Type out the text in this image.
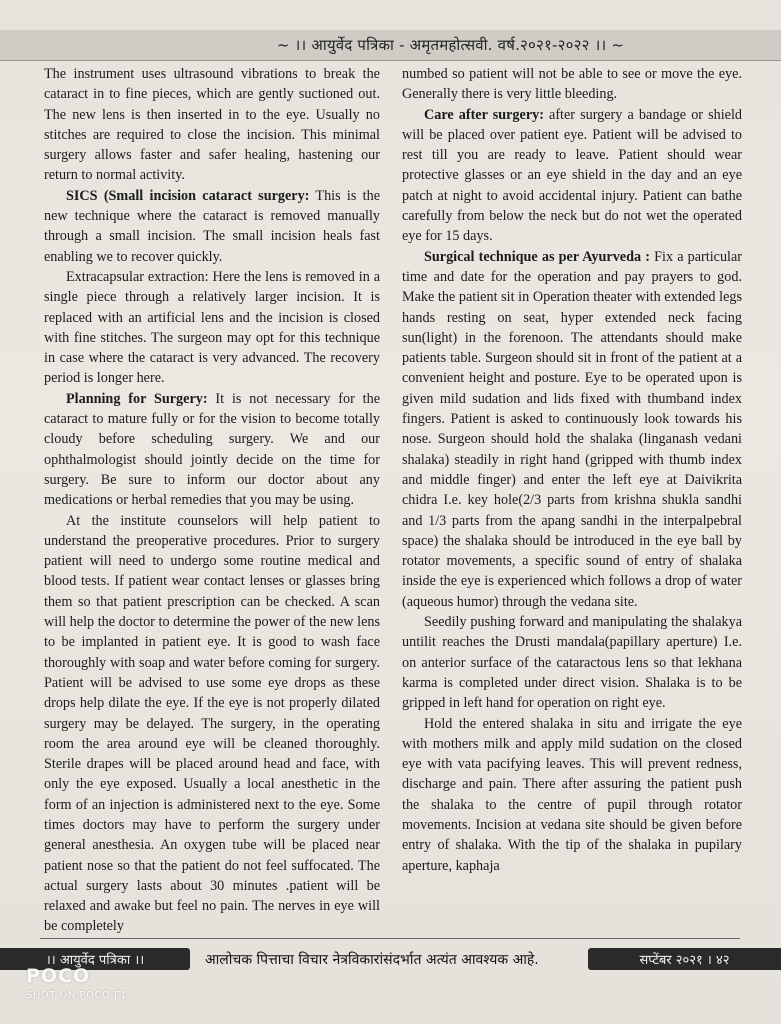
~ ।। आयुर्वेद पत्रिका - अमृतमहोत्सवी. वर्ष.२०२१-२०२२ ।। ~

The instrument uses ultrasound vibrations to break the cataract in to fine pieces, which are gently suctioned out. The new lens is then inserted in to the eye. Usually no stitches are required to close the incision. This minimal surgery allows faster and safer healing, hastening our return to normal activity.

SICS (Small incision cataract surgery: This is the new technique where the cataract is removed manually through a small incision. The small incision heals fast enabling we to recover quickly.

Extracapsular extraction: Here the lens is removed in a single piece through a relatively larger incision. It is replaced with an artificial lens and the incision is closed with fine stitches. The surgeon may opt for this technique in case where the cataract is very advanced. The recovery period is longer here.

Planning for Surgery: It is not necessary for the cataract to mature fully or for the vision to become totally cloudy before scheduling surgery. We and our ophthalmologist should jointly decide on the time for surgery. Be sure to inform our doctor about any medications or herbal remedies that you may be using.

At the institute counselors will help patient to understand the preoperative procedures. Prior to surgery patient will need to undergo some routine medical and blood tests. If patient wear contact lenses or glasses bring them so that patient prescription can be checked. A scan will help the doctor to determine the power of the new lens to be implanted in patient eye. It is good to wash face thoroughly with soap and water before coming for surgery. Patient will be advised to use some eye drops as these drops help dilate the eye. If the eye is not properly dilated surgery may be delayed. The surgery, in the operating room the area around eye will be cleaned thoroughly. Sterile drapes will be placed around head and face, with only the eye exposed. Usually a local anesthetic in the form of an injection is administered next to the eye. Some times doctors may have to perform the surgery under general anesthesia. An oxygen tube will be placed near patient nose so that the patient do not feel suffocated. The actual surgery lasts about 30 minutes .patient will be relaxed and awake but feel no pain. The nerves in eye will be completely

numbed so patient will not be able to see or move the eye. Generally there is very little bleeding.

Care after surgery: after surgery a bandage or shield will be placed over patient eye. Patient will be advised to rest till you are ready to leave. Patient should wear protective glasses or an eye shield in the day and an eye patch at night to avoid accidental injury. Patient can bathe carefully from below the neck but do not wet the operated eye for 15 days.

Surgical technique as per Ayurveda : Fix a particular time and date for the operation and pay prayers to god. Make the patient sit in Operation theater with extended legs hands resting on seat, hyper extended neck facing sun(light) in the forenoon. The attendants should make patients table. Surgeon should sit in front of the patient at a convenient height and posture. Eye to be operated upon is given mild sudation and lids fixed with thumband index fingers. Patient is asked to continuously look towards his nose. Surgeon should hold the shalaka (linganash vedani shalaka) steadily in right hand (gripped with thumb index and middle finger) and enter the left eye at Daivikrita chidra I.e. key hole(2/3 parts from krishna shukla sandhi and 1/3 parts from the apang sandhi in the interpalpebral space) the shalaka should be introduced in the eye ball by rotator movements, a specific sound of entry of shalaka inside the eye is experienced which follows a drop of water (aqueous humor) through the vedana site.

Seedily pushing forward and manipulating the shalakya untilit reaches the Drusti mandala(papillary aperture) I.e. on anterior surface of the cataractous lens so that lekhana karma is completed under direct vision. Shalaka is to be gripped in left hand for operation on right eye.

Hold the entered shalaka in situ and irrigate the eye with mothers milk and apply mild sudation on the closed eye with vata pacifying leaves. This will prevent redness, discharge and pain. There after assuring the patient push the shalaka to the centre of pupil through rotator movements. Incision at vedana site should be given before entry of shalaka. With the tip of the shalaka in pupilary aperture, kaphaja

।। आयुर्वेद पत्रिका ।।	आलोचक पित्ताचा विचार नेत्रविकारांसंदर्भात अत्यंत आवश्यक आहे.	सप्टेंबर २०२१ । ४२
POCO
SHOT ON POCO F1
